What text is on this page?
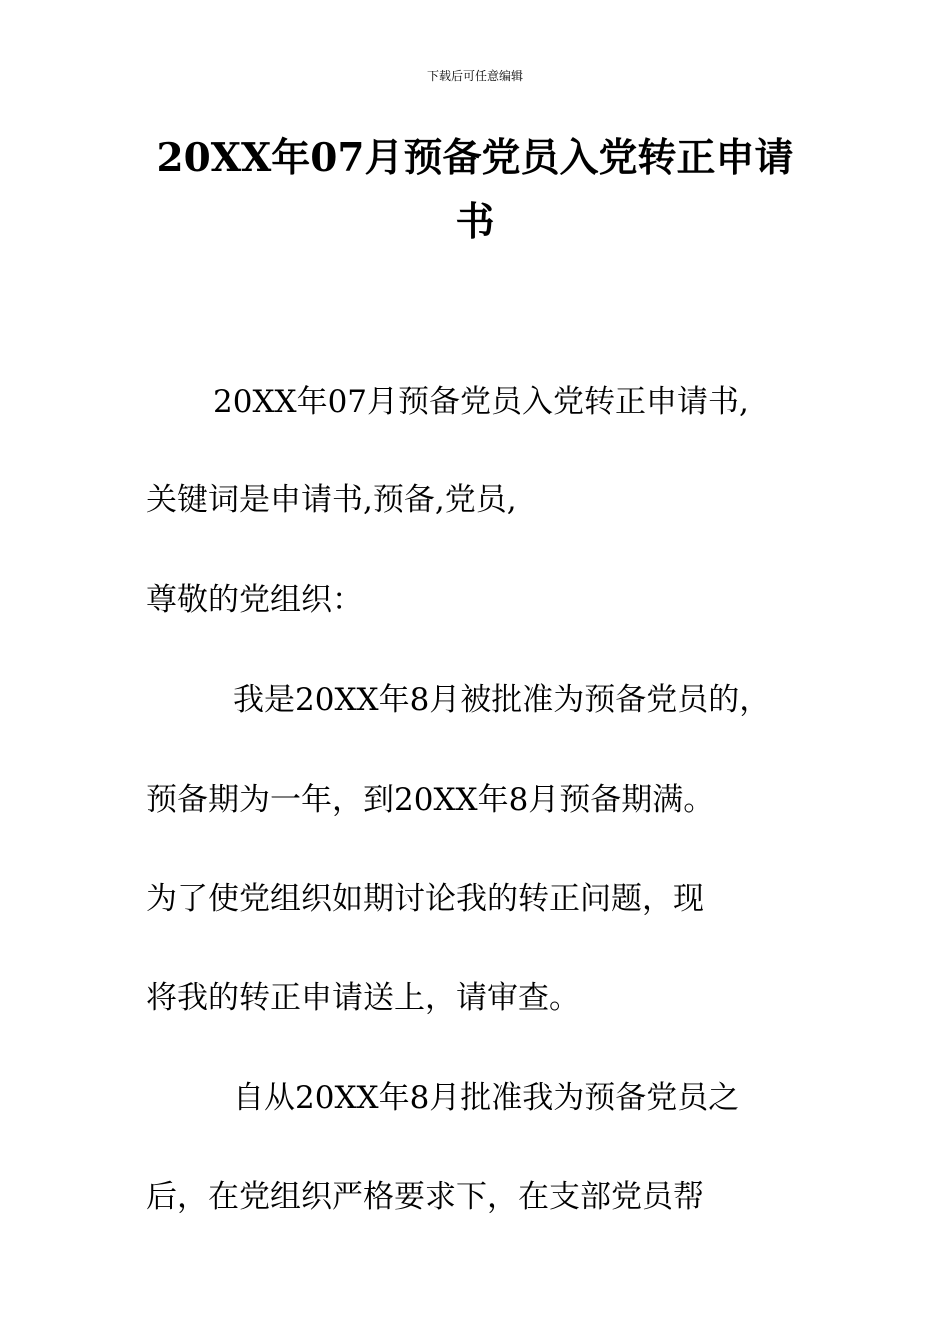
下载后可任意编辑
20XX年07月预备党员入党转正申请
书
20XX年07月预备党员入党转正申请书,
关键词是申请书,预备,党员,
尊敬的党组织：
我是20XX年8月被批准为预备党员的，
预备期为一年，到20XX年8月预备期满。
为了使党组织如期讨论我的转正问题，现
将我的转正申请送上，请审查。
自从20XX年8月批准我为预备党员之
后，在党组织严格要求下，在支部党员帮
